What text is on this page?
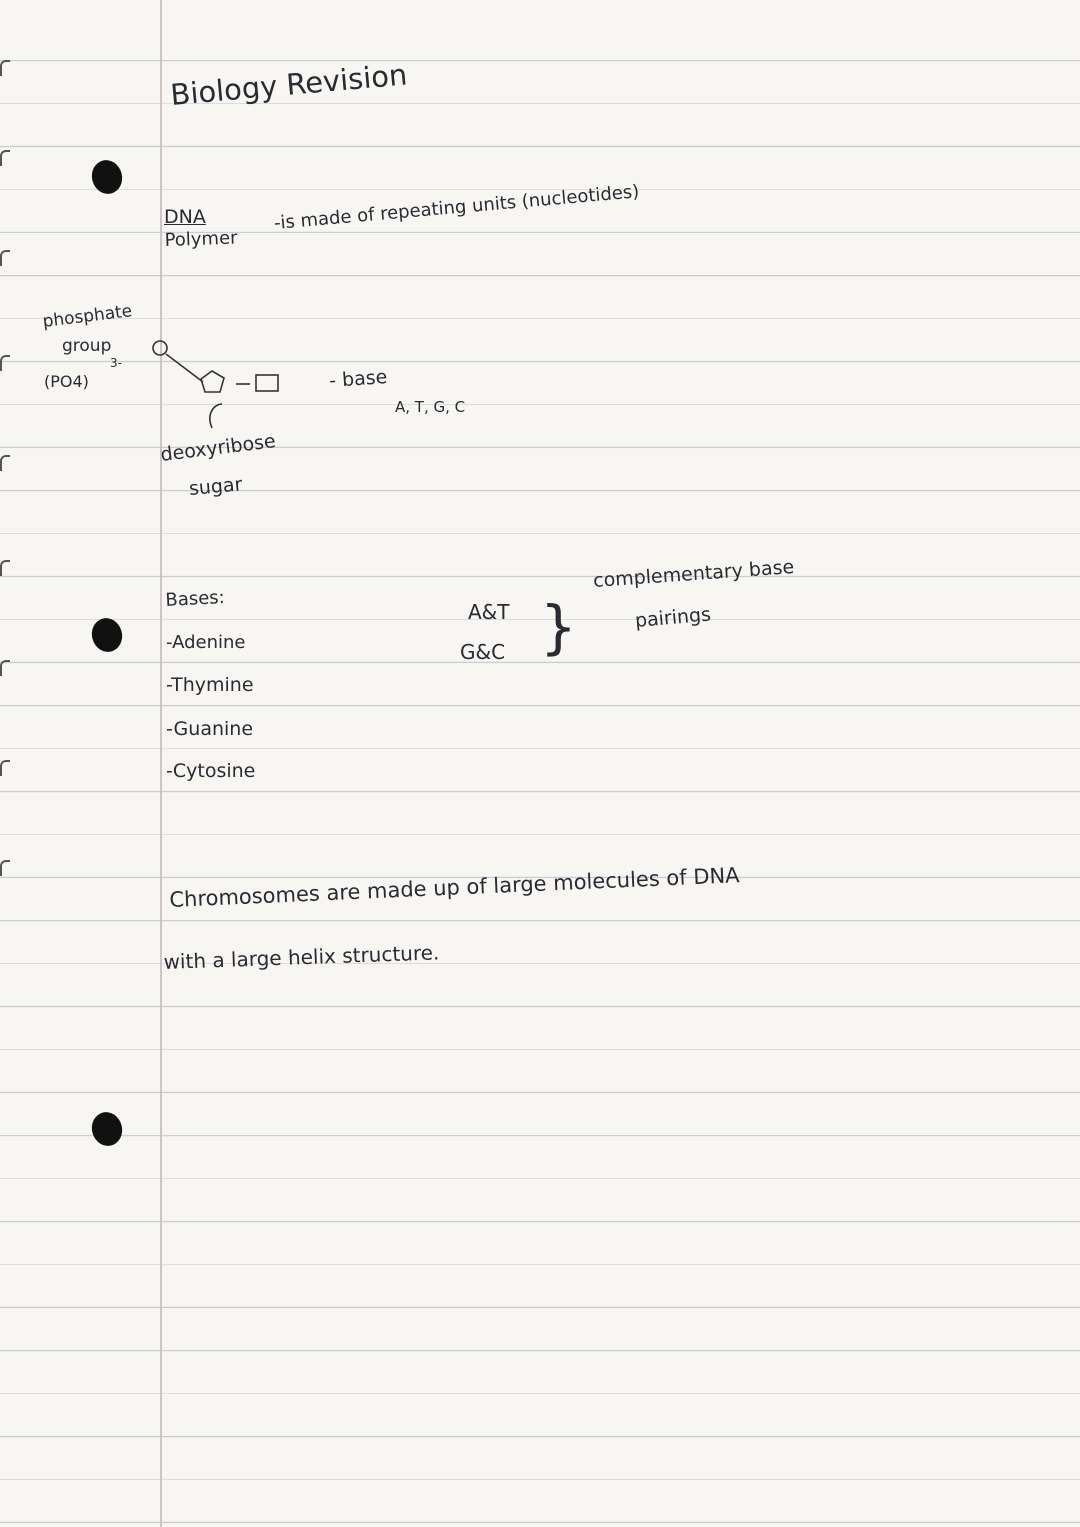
Biology Revision
DNA
Polymer
-is made of repeating units (nucleotides)
phosphate
group
3-
(PO4)	- base
A, T, G, C
deoxyribose
sugar
Bases:
-Adenine
-Thymine
-Guanine
-Cytosine
A&T
G&C }
complementary base
pairings
Chromosomes are made up of large molecules of DNA
with a large helix structure.
